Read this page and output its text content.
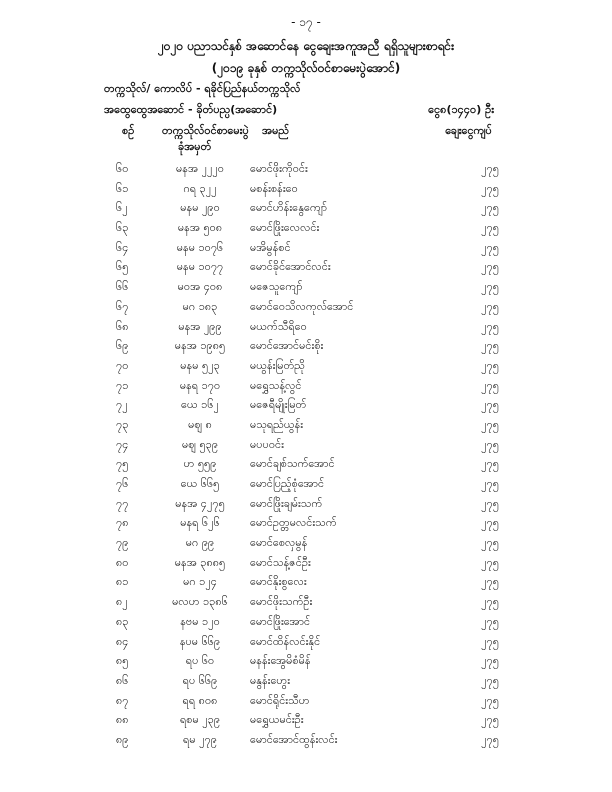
- ၁၇ -
၂၀၂၀ ပညာသင်နှစ် အဆောင်နေ ငွေချေးအကူအညီ ရရှိသူများစာရင်း
(၂၀၁၉ ခုနှစ် တက္ကသိုလ်ဝင်စာမေးပွဲအောင်)
တက္ကသိုလ်/ ကောလိပ် - ရခိုင်ပြည်နယ်တက္ကသိုလ်
အထွေထွေအဆောင် - ခိုတ်ပည္ပ(အဆောင်)	ငွေ၈(၁၄၄၀) ဦး
စဉ်	တက္ကသိုလ်ဝင်စာမေးပွဲ
ခုံအမှတ်
အမည်	ချေးငွေကျပ်
၆၀	မနအ ၂၂၂၀	မောင်ဖိုးကိုဝင်း	၂၇၅
၆၁	ဂရ ၃၂၂	မစန်းစန်းဝေ	၂၇၅
၆၂	မနမ ၂၉၀	မောင်ဟိန်းနွေကျော်	၂၇၅
၆၃	မနအ ၅၀၈	မောင်ဖြိုးလေလင်း	၂၇၅
၆၄	မနမ ၁၀၇၆	မအိမွန်စင်	၂၇၅
၆၅	မနမ ၁၀၇၇	မောင်ခိုင်အောင်လင်း	၂၇၅
၆၆	မဝအ ၄၀၈	မဇေသူကျော်	၂၇၅
၆၇	မဂ ၁၈၃	မောင်ဝေသိလကုလ်အောင်	၂၇၅
၆၈	မနအ ၂၉၉	မယက်သီရိဝေ	၂၇၅
၆၉	မနအ ၁၉၈၅	မောင်အောင်မင်းစိုး	၂၇၅
၇၀	မနမ ၅၂၃	မယွန်းမြတ်ညို	၂၇၅
၇၁	မနရ ၁၇၀	မရွှေသန့်လွင်	၂၇၅
၇၂	ယေ ၁၆၂	မဇေရီမျိုးမြတ်	၂၇၅
၇၃	မဈ ၈	မသုရည်ယွန်း	၂၇၅
၇၄	မဈ ၅၃၉	မပပဝင်း	၂၇၅
၇၅	ဟ ၅၅၉	မောင်ချစ်သက်အောင်	၂၇၅
၇၆	ယေ ၆၆၅	မောင်ပြည့်စုံအောင်	၂၇၅
၇၇	မနအ ၄၂၇၅	မောင်ဖြိုးချမ်းသက်	၂၇၅
၇၈	မနရ ၆၂၆	မောင်ဥတ္တမလင်းသက်	၂၇၅
၇၉	မဂ ၉၉	မောင်စေလှမွန်	၂၇၅
၈၀	မနအ ၃၈၈၅	မောင်သန့်ဇင်ဦး	၂၇၅
၈၁	မဂ ၁၂၄	မောင်နိုးစွလေး	၂၇၅
၈၂	မလဟ ၁၃၈၆	မောင်ဖိုးသက်ဦး	၂၇၅
၈၃	နဗမ ၁၂၀	မောင်ဖြိုးအောင်	၂၇၅
၈၄	နပမ ၆၆၉	မောင်ထိန်လင်းနိုင်	၂၇၅
၈၅	ရပ ၆၀	မနန်းအွေမိစံမိန်	၂၇၅
၈၆	ရပ ၆၆၉	မနွန်းဟွေး	၂၇၅
၈၇	ရရ ၈၀၈	မောင်ရိုင်းသီဟ	၂၇၅
၈၈	ရစမ ၂၃၉	မရွှေယမင်းဦး	၂၇၅
၈၉	ရမ ၂၇၉	မောင်အောင်ထွန်းလင်း	၂၇၅
